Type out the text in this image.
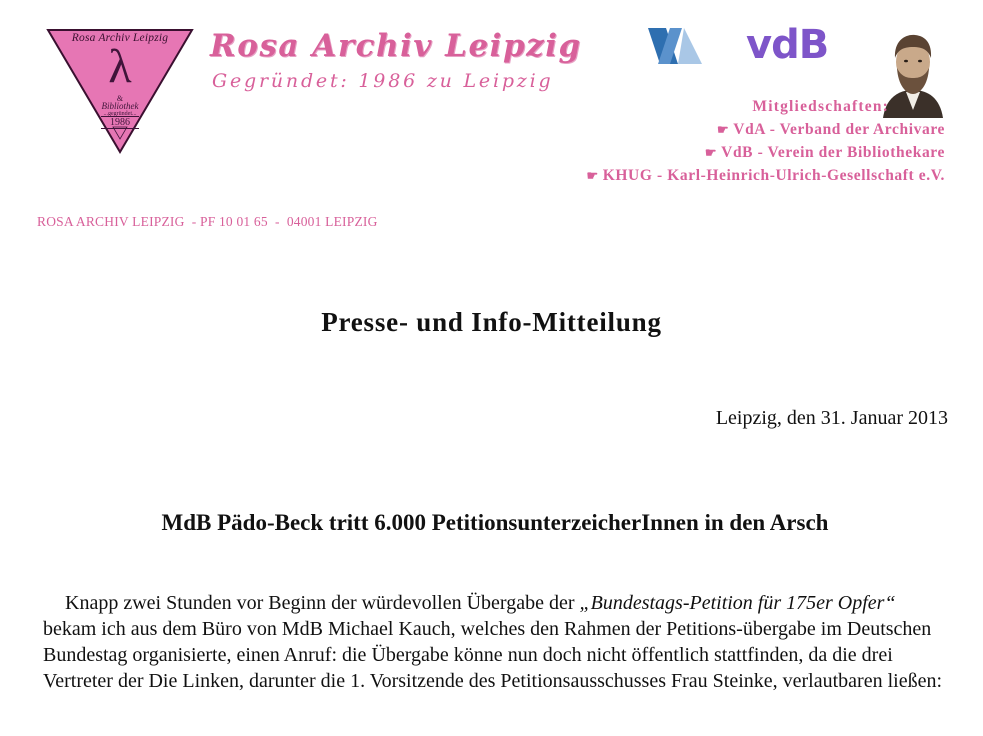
Rosa Archiv Leipzig
λ
&
Bibliothek
...gegründet...
1986
Rosa Archiv Leipzig
Gegründet: 1986 zu Leipzig
vdB
Mitgliedschaften:
☛ VdA - Verband der Archivare
☛ VdB - Verein der Bibliothekare
☛ KHUG - Karl-Heinrich-Ulrich-Gesellschaft e.V.
ROSA ARCHIV LEIPZIG  - PF 10 01 65  -  04001 LEIPZIG
Presse- und Info-Mitteilung
Leipzig, den 31. Januar 2013
MdB Pädo-Beck tritt 6.000 PetitionsunterzeicherInnen in den Arsch
Knapp zwei Stunden vor Beginn der würdevollen Übergabe der „Bundestags-Petition für 175er Opfer“ bekam ich aus dem Büro von MdB Michael Kauch, welches den Rahmen der Petitions-übergabe im Deutschen Bundestag organisierte, einen Anruf: die Übergabe könne nun doch nicht öffentlich stattfinden, da die drei Vertreter der Die Linken, darunter die 1. Vorsitzende des Petitionsausschusses Frau Steinke, verlautbaren ließen:
